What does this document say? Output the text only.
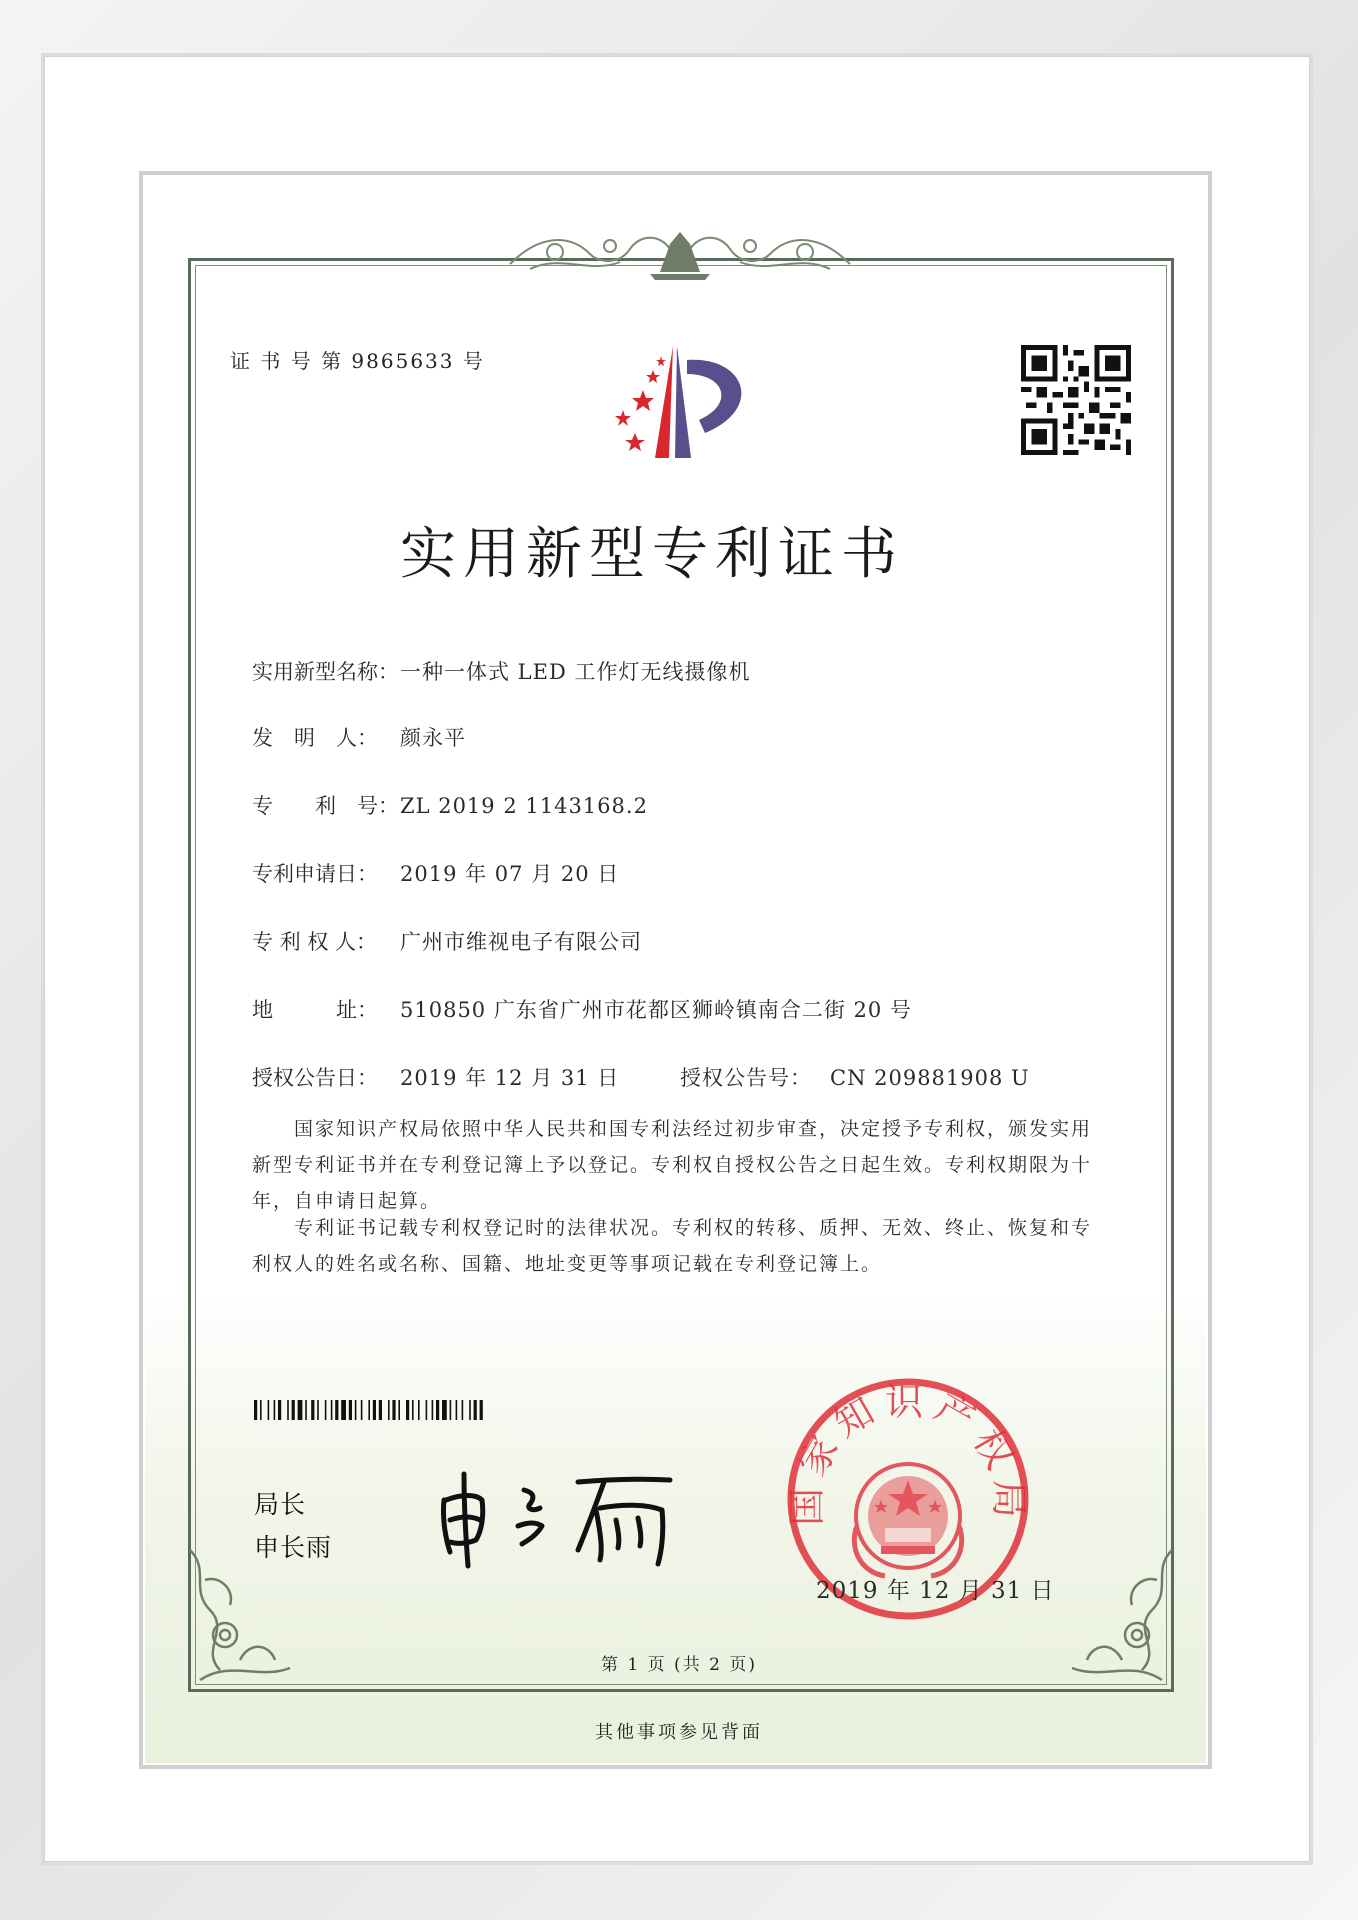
证 书 号 第 9865633 号
实用新型专利证书
实用新型名称：一种一体式 LED 工作灯无线摄像机
发　明　人： 颜永平
专　　利　号：ZL 2019 2 1143168.2
专利申请日： 2019 年 07 月 20 日
专 利 权 人： 广州市维视电子有限公司
地　　　址： 510850 广东省广州市花都区狮岭镇南合二街 20 号
授权公告日： 2019 年 12 月 31 日	授权公告号： CN 209881908 U
国家知识产权局依照中华人民共和国专利法经过初步审查，决定授予专利权，颁发实用新型专利证书并在专利登记簿上予以登记。专利权自授权公告之日起生效。专利权期限为十年，自申请日起算。
专利证书记载专利权登记时的法律状况。专利权的转移、质押、无效、终止、恢复和专利权人的姓名或名称、国籍、地址变更等事项记载在专利登记簿上。
局长
申长雨
国家知识产权局
2019 年 12 月 31 日
第 1 页 (共 2 页)
其他事项参见背面
